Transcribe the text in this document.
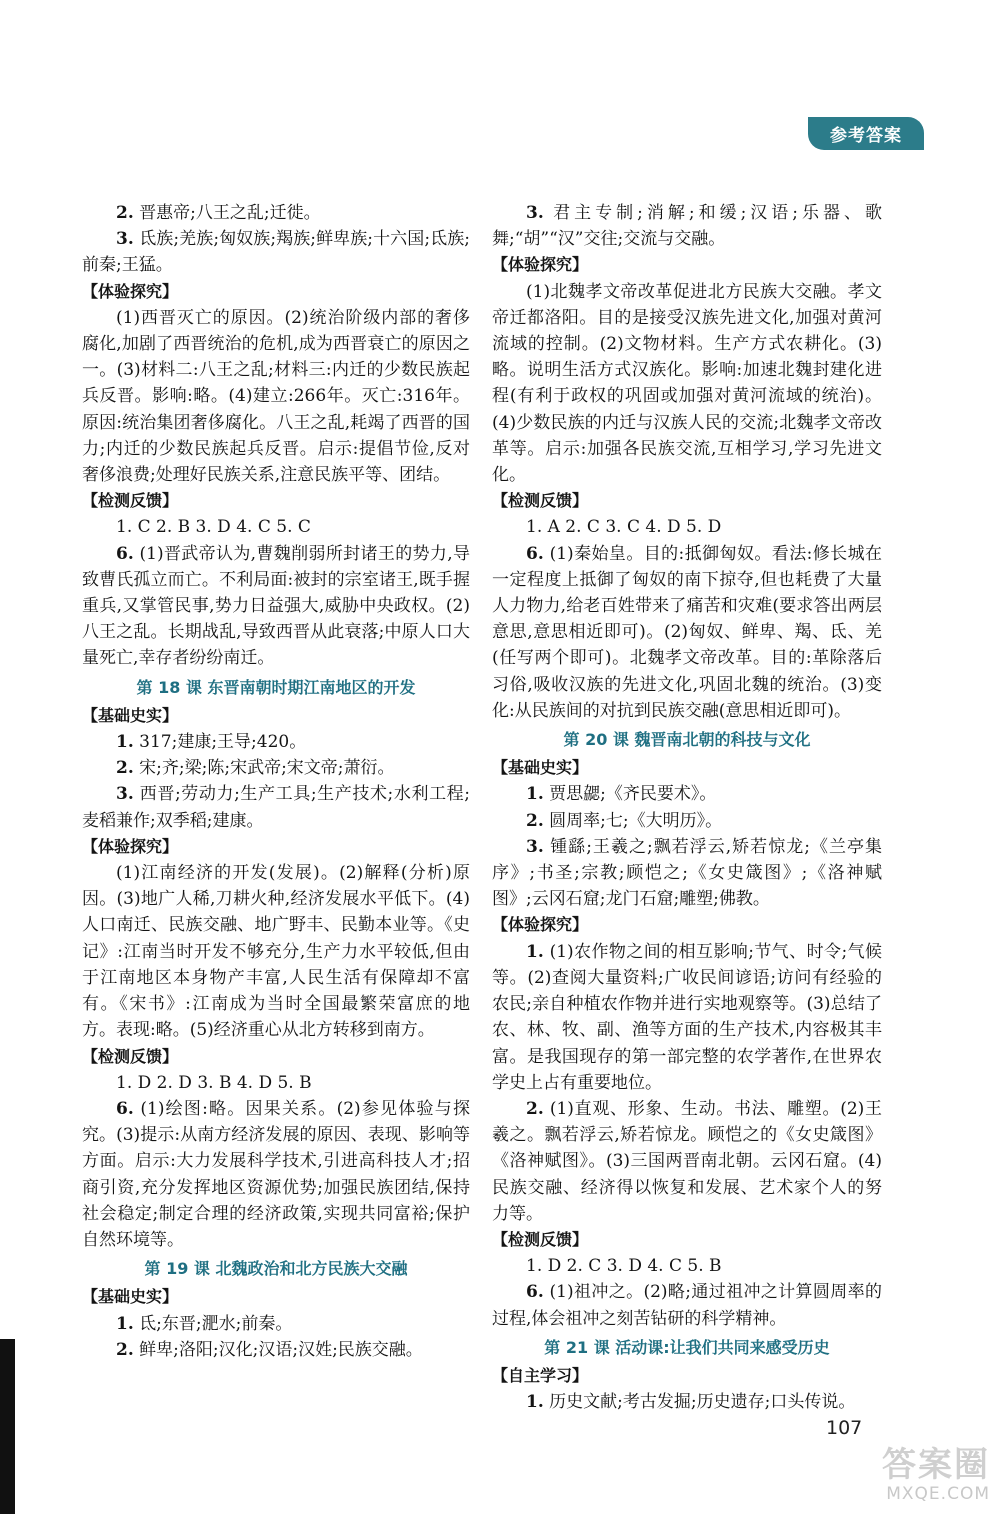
参考答案

2. 晋惠帝;八王之乱;迁徙。

3. 氐族;羌族;匈奴族;羯族;鲜卑族;十六国;氐族;前秦;王猛。

【体验探究】

(1)西晋灭亡的原因。(2)统治阶级内部的奢侈腐化,加剧了西晋统治的危机,成为西晋衰亡的原因之一。(3)材料二:八王之乱;材料三:内迁的少数民族起兵反晋。影响:略。(4)建立:266年。灭亡:316年。原因:统治集团奢侈腐化。八王之乱,耗竭了西晋的国力;内迁的少数民族起兵反晋。启示:提倡节俭,反对奢侈浪费;处理好民族关系,注意民族平等、团结。

【检测反馈】

1. C 2. B 3. D 4. C 5. C

6. (1)晋武帝认为,曹魏削弱所封诸王的势力,导致曹氏孤立而亡。不利局面:被封的宗室诸王,既手握重兵,又掌管民事,势力日益强大,威胁中央政权。(2)八王之乱。长期战乱,导致西晋从此衰落;中原人口大量死亡,幸存者纷纷南迁。

第 18 课 东晋南朝时期江南地区的开发
【基础史实】

1. 317;建康;王导;420。

2. 宋;齐;梁;陈;宋武帝;宋文帝;萧衍。

3. 西晋;劳动力;生产工具;生产技术;水利工程;麦稻兼作;双季稻;建康。

【体验探究】

(1)江南经济的开发(发展)。(2)解释(分析)原因。(3)地广人稀,刀耕火种,经济发展水平低下。(4)人口南迁、民族交融、地广野丰、民勤本业等。《史记》:江南当时开发不够充分,生产力水平较低,但由于江南地区本身物产丰富,人民生活有保障却不富有。《宋书》:江南成为当时全国最繁荣富庶的地方。表现:略。(5)经济重心从北方转移到南方。

【检测反馈】

1. D 2. D 3. B 4. D 5. B

6. (1)绘图:略。因果关系。(2)参见体验与探究。(3)提示:从南方经济发展的原因、表现、影响等方面。启示:大力发展科学技术,引进高科技人才;招商引资,充分发挥地区资源优势;加强民族团结,保持社会稳定;制定合理的经济政策,实现共同富裕;保护自然环境等。

第 19 课 北魏政治和北方民族大交融
【基础史实】

1. 氐;东晋;淝水;前秦。

2. 鲜卑;洛阳;汉化;汉语;汉姓;民族交融。

3. 君主专制;消解;和缓;汉语;乐器、歌舞;“胡”“汉”交往;交流与交融。

【体验探究】

(1)北魏孝文帝改革促进北方民族大交融。孝文帝迁都洛阳。目的是接受汉族先进文化,加强对黄河流域的控制。(2)文物材料。生产方式农耕化。(3)略。说明生活方式汉族化。影响:加速北魏封建化进程(有利于政权的巩固或加强对黄河流域的统治)。(4)少数民族的内迁与汉族人民的交流;北魏孝文帝改革等。启示:加强各民族交流,互相学习,学习先进文化。

【检测反馈】

1. A 2. C 3. C 4. D 5. D

6. (1)秦始皇。目的:抵御匈奴。看法:修长城在一定程度上抵御了匈奴的南下掠夺,但也耗费了大量人力物力,给老百姓带来了痛苦和灾难(要求答出两层意思,意思相近即可)。(2)匈奴、鲜卑、羯、氐、羌(任写两个即可)。北魏孝文帝改革。目的:革除落后习俗,吸收汉族的先进文化,巩固北魏的统治。(3)变化:从民族间的对抗到民族交融(意思相近即可)。

第 20 课 魏晋南北朝的科技与文化
【基础史实】

1. 贾思勰;《齐民要术》。

2. 圆周率;七;《大明历》。

3. 锺繇;王羲之;飘若浮云,矫若惊龙;《兰亭集序》;书圣;宗教;顾恺之;《女史箴图》;《洛神赋图》;云冈石窟;龙门石窟;雕塑;佛教。

【体验探究】

1. (1)农作物之间的相互影响;节气、时令;气候等。(2)查阅大量资料;广收民间谚语;访问有经验的农民;亲自种植农作物并进行实地观察等。(3)总结了农、林、牧、副、渔等方面的生产技术,内容极其丰富。是我国现存的第一部完整的农学著作,在世界农学史上占有重要地位。

2. (1)直观、形象、生动。书法、雕塑。(2)王羲之。飘若浮云,矫若惊龙。顾恺之的《女史箴图》《洛神赋图》。(3)三国两晋南北朝。云冈石窟。(4)民族交融、经济得以恢复和发展、艺术家个人的努力等。

【检测反馈】

1. D 2. C 3. D 4. C 5. B

6. (1)祖冲之。(2)略;通过祖冲之计算圆周率的过程,体会祖冲之刻苦钻研的科学精神。

第 21 课 活动课:让我们共同来感受历史
【自主学习】

1. 历史文献;考古发掘;历史遗存;口头传说。

107
答案圈
MXQE.COM
